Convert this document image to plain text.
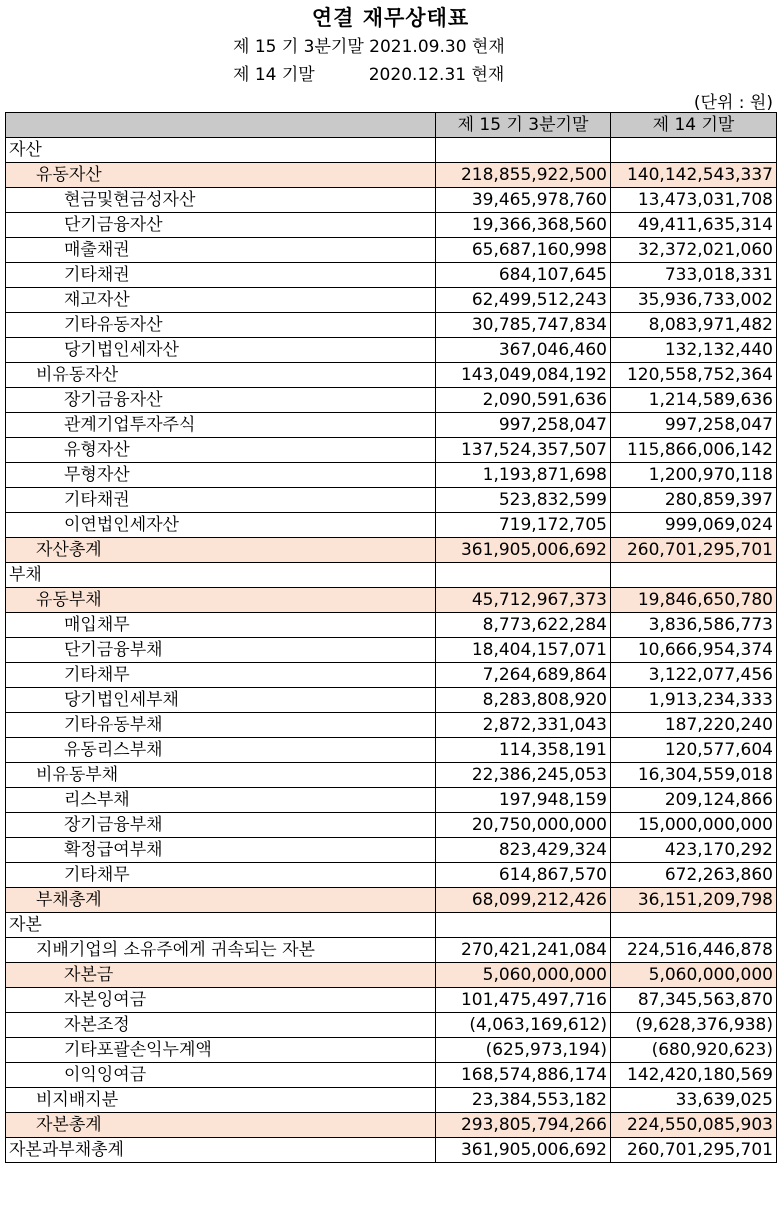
연결 재무상태표
제 15 기 3분기말 2021.09.30 현재
제 14 기말          2020.12.31 현재
(단위 : 원)
	제 15 기 3분기말	제 14 기말
자산		
유동자산	218,855,922,500	140,142,543,337
현금및현금성자산	39,465,978,760	13,473,031,708
단기금융자산	19,366,368,560	49,411,635,314
매출채권	65,687,160,998	32,372,021,060
기타채권	684,107,645	733,018,331
재고자산	62,499,512,243	35,936,733,002
기타유동자산	30,785,747,834	8,083,971,482
당기법인세자산	367,046,460	132,132,440
비유동자산	143,049,084,192	120,558,752,364
장기금융자산	2,090,591,636	1,214,589,636
관계기업투자주식	997,258,047	997,258,047
유형자산	137,524,357,507	115,866,006,142
무형자산	1,193,871,698	1,200,970,118
기타채권	523,832,599	280,859,397
이연법인세자산	719,172,705	999,069,024
자산총계	361,905,006,692	260,701,295,701
부채		
유동부채	45,712,967,373	19,846,650,780
매입채무	8,773,622,284	3,836,586,773
단기금융부채	18,404,157,071	10,666,954,374
기타채무	7,264,689,864	3,122,077,456
당기법인세부채	8,283,808,920	1,913,234,333
기타유동부채	2,872,331,043	187,220,240
유동리스부채	114,358,191	120,577,604
비유동부채	22,386,245,053	16,304,559,018
리스부채	197,948,159	209,124,866
장기금융부채	20,750,000,000	15,000,000,000
확정급여부채	823,429,324	423,170,292
기타채무	614,867,570	672,263,860
부채총계	68,099,212,426	36,151,209,798
자본		
지배기업의 소유주에게 귀속되는 자본	270,421,241,084	224,516,446,878
자본금	5,060,000,000	5,060,000,000
자본잉여금	101,475,497,716	87,345,563,870
자본조정	(4,063,169,612)	(9,628,376,938)
기타포괄손익누계액	(625,973,194)	(680,920,623)
이익잉여금	168,574,886,174	142,420,180,569
비지배지분	23,384,553,182	33,639,025
자본총계	293,805,794,266	224,550,085,903
자본과부채총계	361,905,006,692	260,701,295,701
